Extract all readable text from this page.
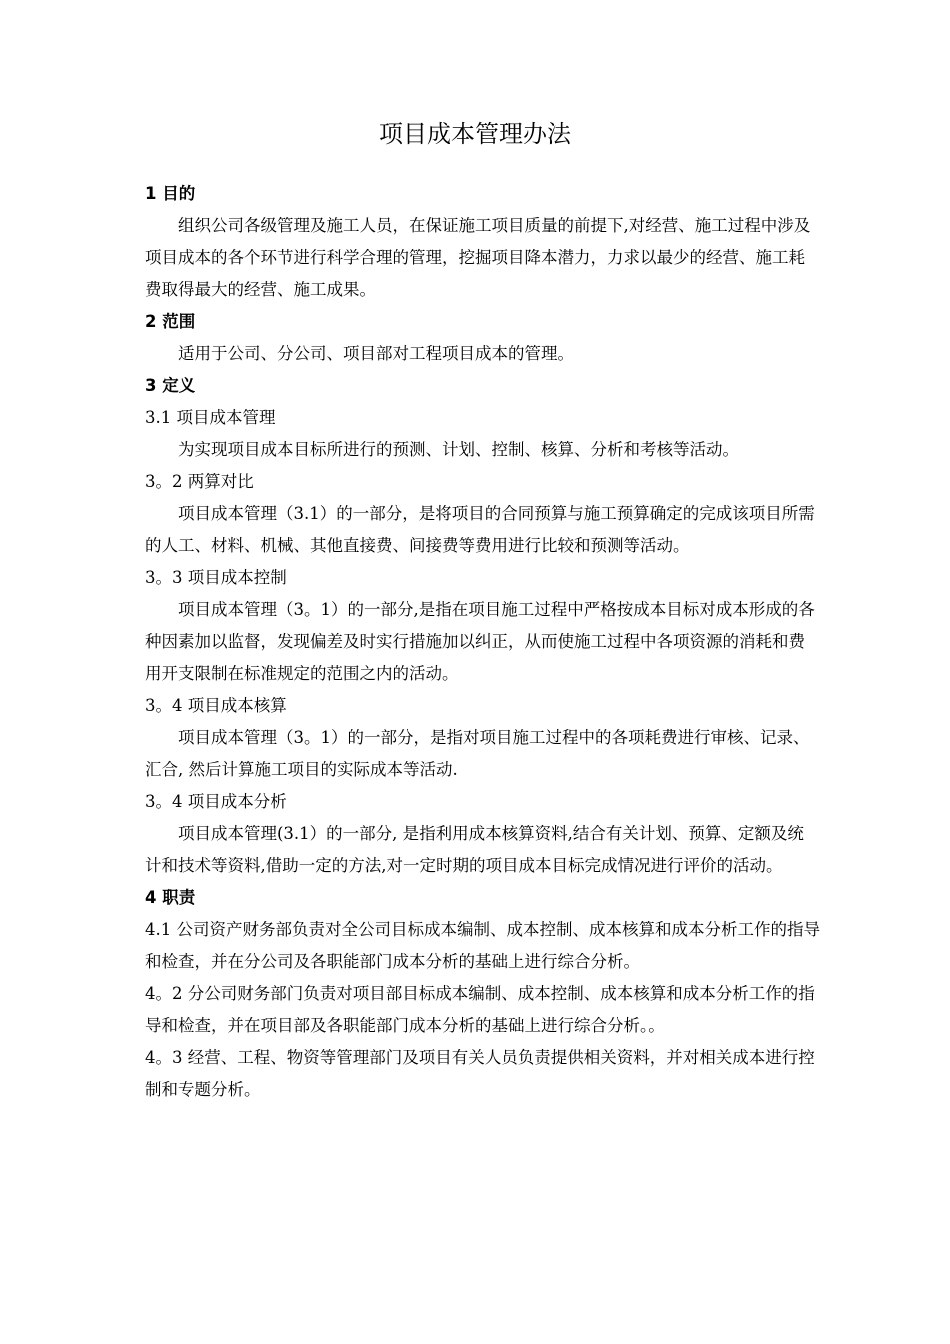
项目成本管理办法

1 目的

组织公司各级管理及施工人员，在保证施工项目质量的前提下,对经营、施工过程中涉及项目成本的各个环节进行科学合理的管理，挖掘项目降本潜力，力求以最少的经营、施工耗费取得最大的经营、施工成果。

2 范围

适用于公司、分公司、项目部对工程项目成本的管理。

3 定义

3.1 项目成本管理

为实现项目成本目标所进行的预测、计划、控制、核算、分析和考核等活动。

3。2 两算对比

项目成本管理（3.1）的一部分，是将项目的合同预算与施工预算确定的完成该项目所需的人工、材料、机械、其他直接费、间接费等费用进行比较和预测等活动。

3。3 项目成本控制

项目成本管理（3。1）的一部分,是指在项目施工过程中严格按成本目标对成本形成的各种因素加以监督，发现偏差及时实行措施加以纠正，从而使施工过程中各项资源的消耗和费用开支限制在标准规定的范围之内的活动。

3。4 项目成本核算

项目成本管理（3。1）的一部分，是指对项目施工过程中的各项耗费进行审核、记录、汇合, 然后计算施工项目的实际成本等活动.

3。4 项目成本分析

项目成本管理(3.1）的一部分, 是指利用成本核算资料,结合有关计划、预算、定额及统计和技术等资料,借助一定的方法,对一定时期的项目成本目标完成情况进行评价的活动。

4 职责

4.1 公司资产财务部负责对全公司目标成本编制、成本控制、成本核算和成本分析工作的指导和检查，并在分公司及各职能部门成本分析的基础上进行综合分析。

4。2 分公司财务部门负责对项目部目标成本编制、成本控制、成本核算和成本分析工作的指导和检查，并在项目部及各职能部门成本分析的基础上进行综合分析。。

4。3 经营、工程、物资等管理部门及项目有关人员负责提供相关资料，并对相关成本进行控制和专题分析。
